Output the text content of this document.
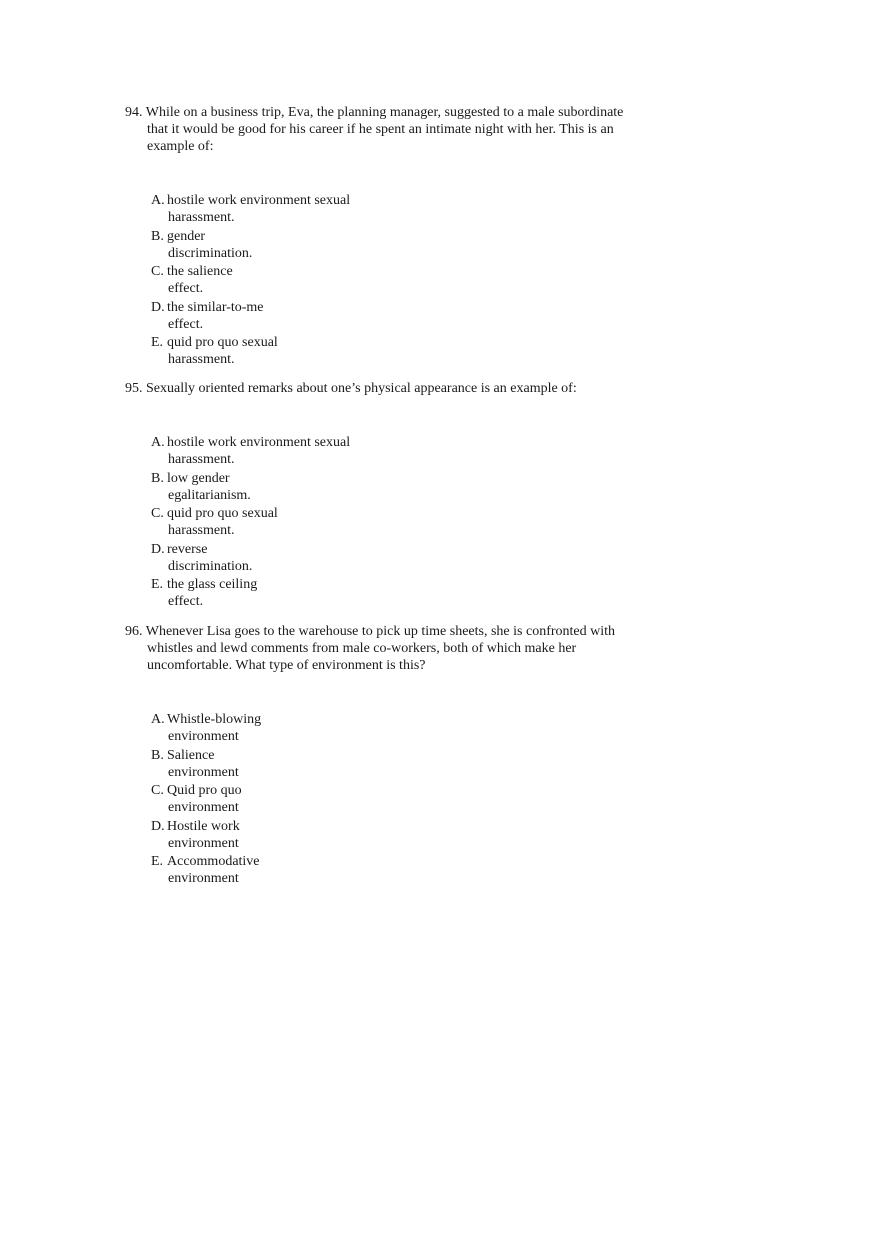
94. While on a business trip, Eva, the planning manager, suggested to a male subordinate
that it would be good for his career if he spent an intimate night with her. This is an
example of:
A. hostile work environment sexual
harassment.
B. gender
discrimination.
C. the salience
effect.
D. the similar-to-me
effect.
E. quid pro quo sexual
harassment.
95. Sexually oriented remarks about one’s physical appearance is an example of:
A. hostile work environment sexual
harassment.
B. low gender
egalitarianism.
C. quid pro quo sexual
harassment.
D. reverse
discrimination.
E. the glass ceiling
effect.
96. Whenever Lisa goes to the warehouse to pick up time sheets, she is confronted with
whistles and lewd comments from male co-workers, both of which make her
uncomfortable. What type of environment is this?
A. Whistle-blowing
environment
B. Salience
environment
C. Quid pro quo
environment
D. Hostile work
environment
E. Accommodative
environment
